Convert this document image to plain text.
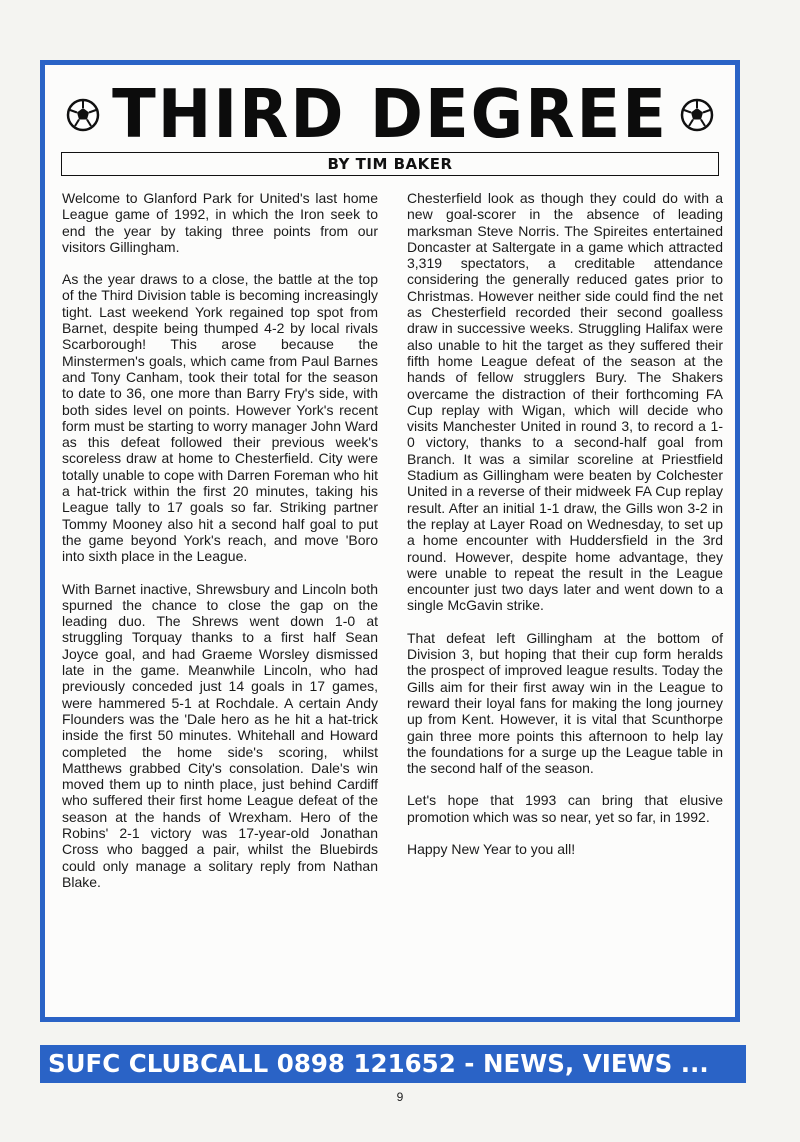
THIRD DEGREE
BY TIM BAKER

Welcome to Glanford Park for United's last home League game of 1992, in which the Iron seek to end the year by taking three points from our visitors Gillingham.

As the year draws to a close, the battle at the top of the Third Division table is becoming increasingly tight. Last weekend York regained top spot from Barnet, despite being thumped 4-2 by local rivals Scarborough! This arose because the Minstermen's goals, which came from Paul Barnes and Tony Canham, took their total for the season to date to 36, one more than Barry Fry's side, with both sides level on points. However York's recent form must be starting to worry manager John Ward as this defeat followed their previous week's scoreless draw at home to Chesterfield. City were totally unable to cope with Darren Foreman who hit a hat-trick within the first 20 minutes, taking his League tally to 17 goals so far. Striking partner Tommy Mooney also hit a second half goal to put the game beyond York's reach, and move 'Boro into sixth place in the League.

With Barnet inactive, Shrewsbury and Lincoln both spurned the chance to close the gap on the leading duo. The Shrews went down 1-0 at struggling Torquay thanks to a first half Sean Joyce goal, and had Graeme Worsley dismissed late in the game. Meanwhile Lincoln, who had previously conceded just 14 goals in 17 games, were hammered 5-1 at Rochdale. A certain Andy Flounders was the 'Dale hero as he hit a hat-trick inside the first 50 minutes. Whitehall and Howard completed the home side's scoring, whilst Matthews grabbed City's consolation. Dale's win moved them up to ninth place, just behind Cardiff who suffered their first home League defeat of the season at the hands of Wrexham. Hero of the Robins' 2-1 victory was 17-year-old Jonathan Cross who bagged a pair, whilst the Bluebirds could only manage a solitary reply from Nathan Blake.

Chesterfield look as though they could do with a new goal-scorer in the absence of leading marksman Steve Norris. The Spireites entertained Doncaster at Saltergate in a game which attracted 3,319 spectators, a creditable attendance considering the generally reduced gates prior to Christmas. However neither side could find the net as Chesterfield recorded their second goalless draw in successive weeks. Struggling Halifax were also unable to hit the target as they suffered their fifth home League defeat of the season at the hands of fellow strugglers Bury. The Shakers overcame the distraction of their forthcoming FA Cup replay with Wigan, which will decide who visits Manchester United in round 3, to record a 1-0 victory, thanks to a second-half goal from Branch. It was a similar scoreline at Priestfield Stadium as Gillingham were beaten by Colchester United in a reverse of their midweek FA Cup replay result. After an initial 1-1 draw, the Gills won 3-2 in the replay at Layer Road on Wednesday, to set up a home encounter with Huddersfield in the 3rd round. However, despite home advantage, they were unable to repeat the result in the League encounter just two days later and went down to a single McGavin strike.

That defeat left Gillingham at the bottom of Division 3, but hoping that their cup form heralds the prospect of improved league results. Today the Gills aim for their first away win in the League to reward their loyal fans for making the long journey up from Kent. However, it is vital that Scunthorpe gain three more points this afternoon to help lay the foundations for a surge up the League table in the second half of the season.

Let's hope that 1993 can bring that elusive promotion which was so near, yet so far, in 1992.

Happy New Year to you all!

SUFC CLUBCALL 0898 121652 - NEWS, VIEWS ...
9
